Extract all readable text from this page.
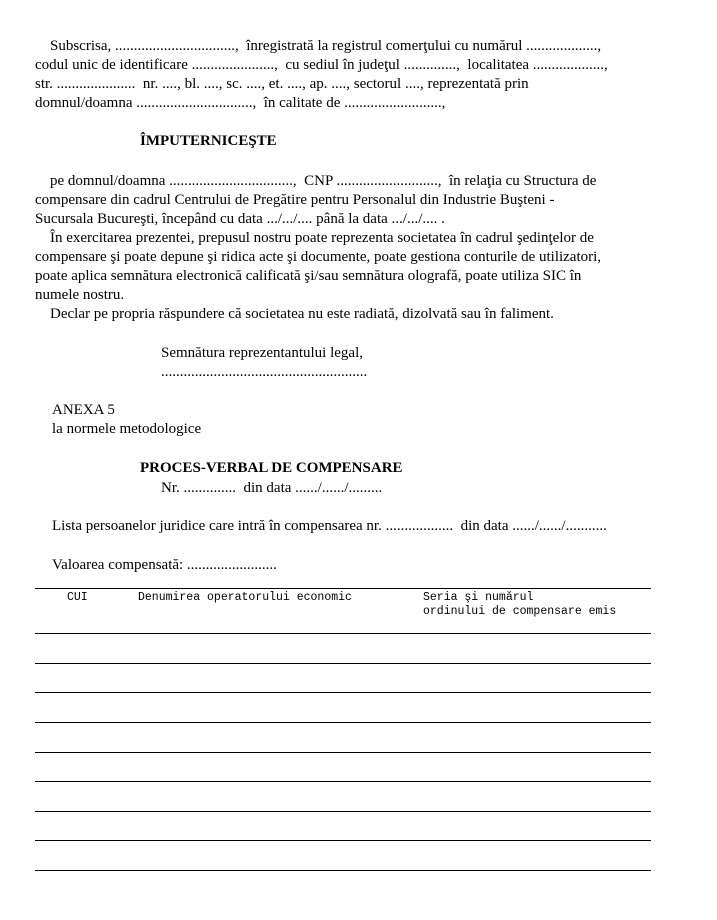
Subscrisa, ................................,  înregistrată la registrul comerţului cu numărul ...................,
codul unic de identificare ......................,  cu sediul în judeţul ..............,  localitatea ...................,
str. .....................  nr. ...., bl. ...., sc. ...., et. ...., ap. ...., sectorul ...., reprezentată prin
domnul/doamna ...............................,  în calitate de ..........................,
ÎMPUTERNICEŞTE
pe domnul/doamna .................................,  CNP ...........................,  în relaţia cu Structura de
compensare din cadrul Centrului de Pregătire pentru Personalul din Industrie Buşteni -
Sucursala Bucureşti, începând cu data .../.../.... până la data .../.../.... .
În exercitarea prezentei, prepusul nostru poate reprezenta societatea în cadrul şedinţelor de
compensare şi poate depune şi ridica acte şi documente, poate gestiona conturile de utilizatori,
poate aplica semnătura electronică calificată şi/sau semnătura olografă, poate utiliza SIC în
numele nostru.
Declar pe propria răspundere că societatea nu este radiată, dizolvată sau în faliment.
Semnătura reprezentantului legal,
.......................................................
ANEXA 5
la normele metodologice
PROCES-VERBAL DE COMPENSARE
Nr. ..............  din data ....../....../.........
Lista persoanelor juridice care intră în compensarea nr. ..................  din data ....../....../...........
Valoarea compensată: ........................
CUI	Denumirea operatorului economic	Seria şi numărul
ordinului de compensare emis
